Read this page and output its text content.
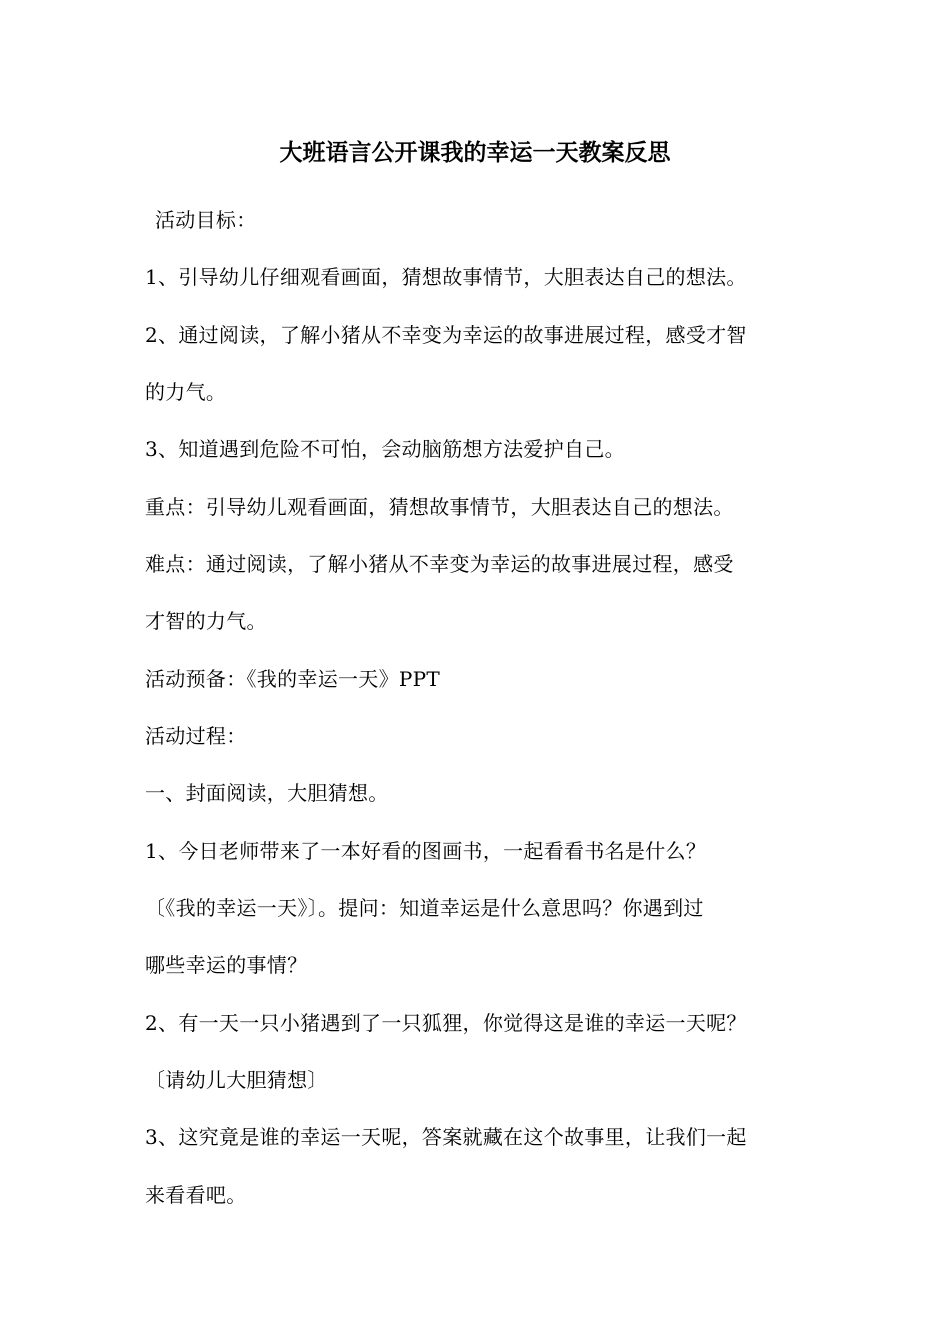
大班语言公开课我的幸运一天教案反思
活动目标：
1、引导幼儿仔细观看画面，猜想故事情节，大胆表达自己的想法。
2、通过阅读，了解小猪从不幸变为幸运的故事进展过程，感受才智
的力气。
3、知道遇到危险不可怕，会动脑筋想方法爱护自己。
重点：引导幼儿观看画面，猜想故事情节，大胆表达自己的想法。
难点：通过阅读，了解小猪从不幸变为幸运的故事进展过程，感受
才智的力气。
活动预备：《我的幸运一天》PPT
活动过程：
一、封面阅读，大胆猜想。
1、今日老师带来了一本好看的图画书，一起看看书名是什么？
〔《我的幸运一天》〕。提问：知道幸运是什么意思吗？你遇到过
哪些幸运的事情？
2、有一天一只小猪遇到了一只狐狸，你觉得这是谁的幸运一天呢？
〔请幼儿大胆猜想〕
3、这究竟是谁的幸运一天呢，答案就藏在这个故事里，让我们一起
来看看吧。
